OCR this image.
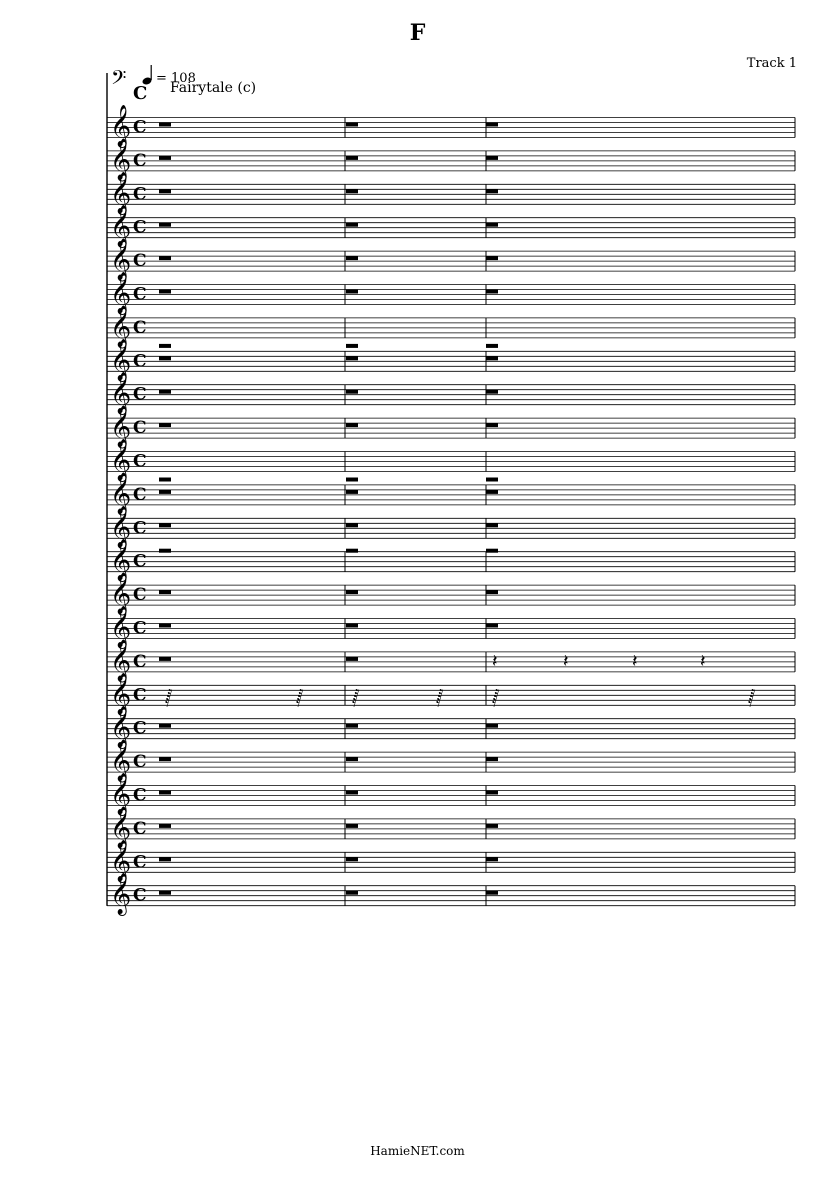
F
Track 1
= 108
Fairytale (c)
𝄢 C
𝄞 C
𝄞 C
𝄞 C
𝄞 C
𝄞 C
𝄞 C
𝄞 C
𝄞 C
𝄞 C
𝄞 C
𝄞 C
𝄞 C
𝄞 C
𝄞 C
𝄞 C
𝄞 C
𝄞 C	𝄽	𝄽	𝄽	𝄽
𝄞 C 𝅂	𝅂	𝅂	𝅂	𝅂	𝅂
𝄞 C
𝄞 C
𝄞 C
𝄞 C
𝄞 C
𝄞 C
HamieNET.com
